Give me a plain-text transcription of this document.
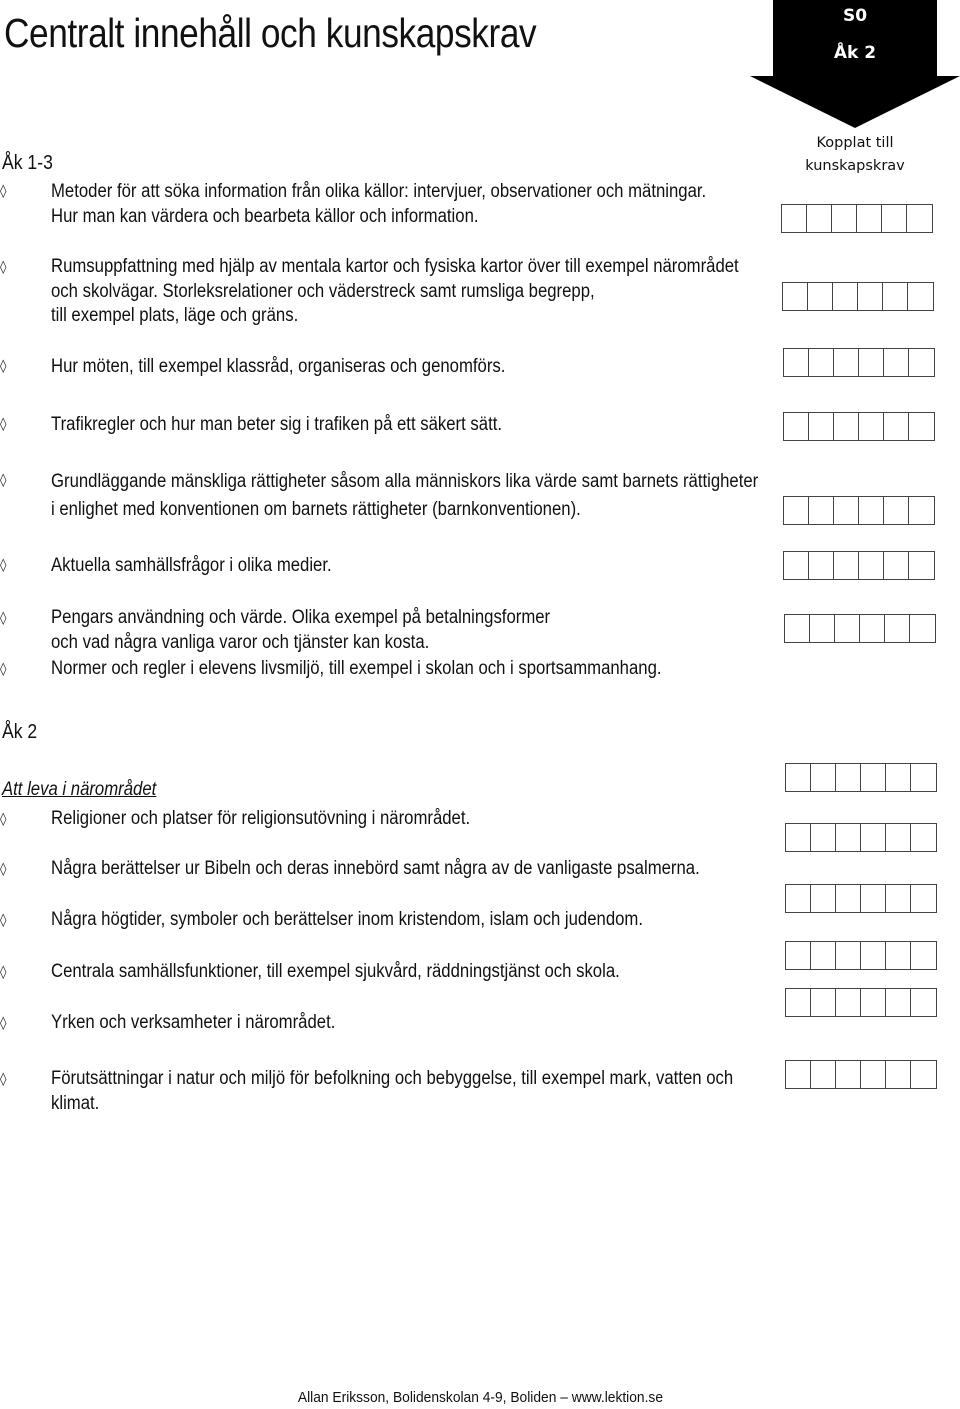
Centralt innehåll och kunskapskrav	S0
Åk 2
Kopplat till
kunskapskrav
Åk 1-3
◊ Metoder för att söka information från olika källor: intervjuer, observationer och mätningar.
Hur man kan värdera och bearbeta källor och information.
◊ Rumsuppfattning med hjälp av mentala kartor och fysiska kartor över till exempel närområdet
och skolvägar. Storleksrelationer och väderstreck samt rumsliga begrepp,
till exempel plats, läge och gräns.
◊ Hur möten, till exempel klassråd, organiseras och genomförs.
◊ Trafikregler och hur man beter sig i trafiken på ett säkert sätt.
◊ Grundläggande mänskliga rättigheter såsom alla människors lika värde samt barnets rättigheter
i enlighet med konventionen om barnets rättigheter (barnkonventionen).
◊ Aktuella samhällsfrågor i olika medier.
◊ Pengars användning och värde. Olika exempel på betalningsformer
och vad några vanliga varor och tjänster kan kosta.
◊ Normer och regler i elevens livsmiljö, till exempel i skolan och i sportsammanhang.
Åk 2
Att leva i närområdet
◊ Religioner och platser för religionsutövning i närområdet.
◊ Några berättelser ur Bibeln och deras innebörd samt några av de vanligaste psalmerna.
◊ Några högtider, symboler och berättelser inom kristendom, islam och judendom.
◊ Centrala samhällsfunktioner, till exempel sjukvård, räddningstjänst och skola.
◊ Yrken och verksamheter i närområdet.
◊ Förutsättningar i natur och miljö för befolkning och bebyggelse, till exempel mark, vatten och
klimat.
Allan Eriksson, Bolidenskolan 4-9, Boliden – www.lektion.se
